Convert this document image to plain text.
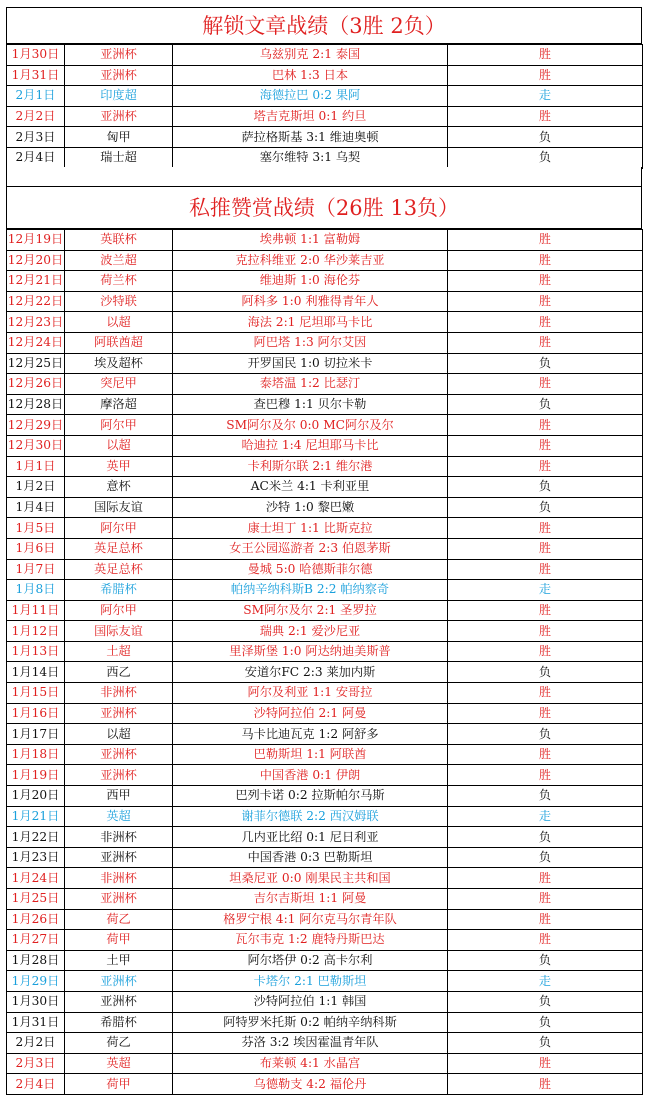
解锁文章战绩（3胜 2负）
1月30日	亚洲杯	乌兹别克 2:1 泰国	胜
1月31日	亚洲杯	巴林 1:3 日本	胜
2月1日	印度超	海德拉巴 0:2 果阿	走
2月2日	亚洲杯	塔吉克斯坦 0:1 约旦	胜
2月3日	匈甲	萨拉格斯基 3:1 维迪奥顿	负
2月4日	瑞士超	塞尔维特 3:1 乌契	负
私推赞赏战绩（26胜 13负）
12月19日	英联杯	埃弗顿 1:1 富勒姆	胜
12月20日	波兰超	克拉科维亚 2:0 华沙莱吉亚	胜
12月21日	荷兰杯	维迪斯 1:0 海伦芬	胜
12月22日	沙特联	阿科多 1:0 利雅得青年人	胜
12月23日	以超	海法 2:1 尼坦耶马卡比	胜
12月24日	阿联酋超	阿巴塔 1:3 阿尔艾因	胜
12月25日	埃及超杯	开罗国民 1:0 切拉米卡	负
12月26日	突尼甲	泰塔温 1:2 比瑟汀	胜
12月28日	摩洛超	查巴穆 1:1 贝尔卡勒	负
12月29日	阿尔甲	SM阿尔及尔 0:0 MC阿尔及尔	胜
12月30日	以超	哈迪拉 1:4 尼坦耶马卡比	胜
1月1日	英甲	卡利斯尔联 2:1 维尔港	胜
1月2日	意杯	AC米兰 4:1 卡利亚里	负
1月4日	国际友谊	沙特 1:0 黎巴嫩	负
1月5日	阿尔甲	康士坦丁 1:1 比斯克拉	胜
1月6日	英足总杯	女王公园巡游者 2:3 伯恩茅斯	胜
1月7日	英足总杯	曼城 5:0 哈德斯菲尔德	胜
1月8日	希腊杯	帕纳辛纳科斯B 2:2 帕纳察奇	走
1月11日	阿尔甲	SM阿尔及尔 2:1 圣罗拉	胜
1月12日	国际友谊	瑞典 2:1 爱沙尼亚	胜
1月13日	土超	里泽斯堡 1:0 阿达纳迪美斯普	胜
1月14日	西乙	安道尔FC 2:3 莱加内斯	负
1月15日	非洲杯	阿尔及利亚 1:1 安哥拉	胜
1月16日	亚洲杯	沙特阿拉伯 2:1 阿曼	胜
1月17日	以超	马卡比迪瓦克 1:2 阿舒多	负
1月18日	亚洲杯	巴勒斯坦 1:1 阿联酋	胜
1月19日	亚洲杯	中国香港 0:1 伊朗	胜
1月20日	西甲	巴列卡诺 0:2 拉斯帕尔马斯	负
1月21日	英超	谢菲尔德联 2:2 西汉姆联	走
1月22日	非洲杯	几内亚比绍 0:1 尼日利亚	负
1月23日	亚洲杯	中国香港 0:3 巴勒斯坦	负
1月24日	非洲杯	坦桑尼亚 0:0 刚果民主共和国	胜
1月25日	亚洲杯	吉尔吉斯坦 1:1 阿曼	胜
1月26日	荷乙	格罗宁根 4:1 阿尔克马尔青年队	胜
1月27日	荷甲	瓦尔韦克 1:2 鹿特丹斯巴达	胜
1月28日	土甲	阿尔塔伊 0:2 高卡尔利	负
1月29日	亚洲杯	卡塔尔 2:1 巴勒斯坦	走
1月30日	亚洲杯	沙特阿拉伯 1:1 韩国	负
1月31日	希腊杯	阿特罗米托斯 0:2 帕纳辛纳科斯	负
2月2日	荷乙	芬洛 3:2 埃因霍温青年队	负
2月3日	英超	布莱顿 4:1 水晶宫	胜
2月4日	荷甲	乌德勒支 4:2 福伦丹	胜
